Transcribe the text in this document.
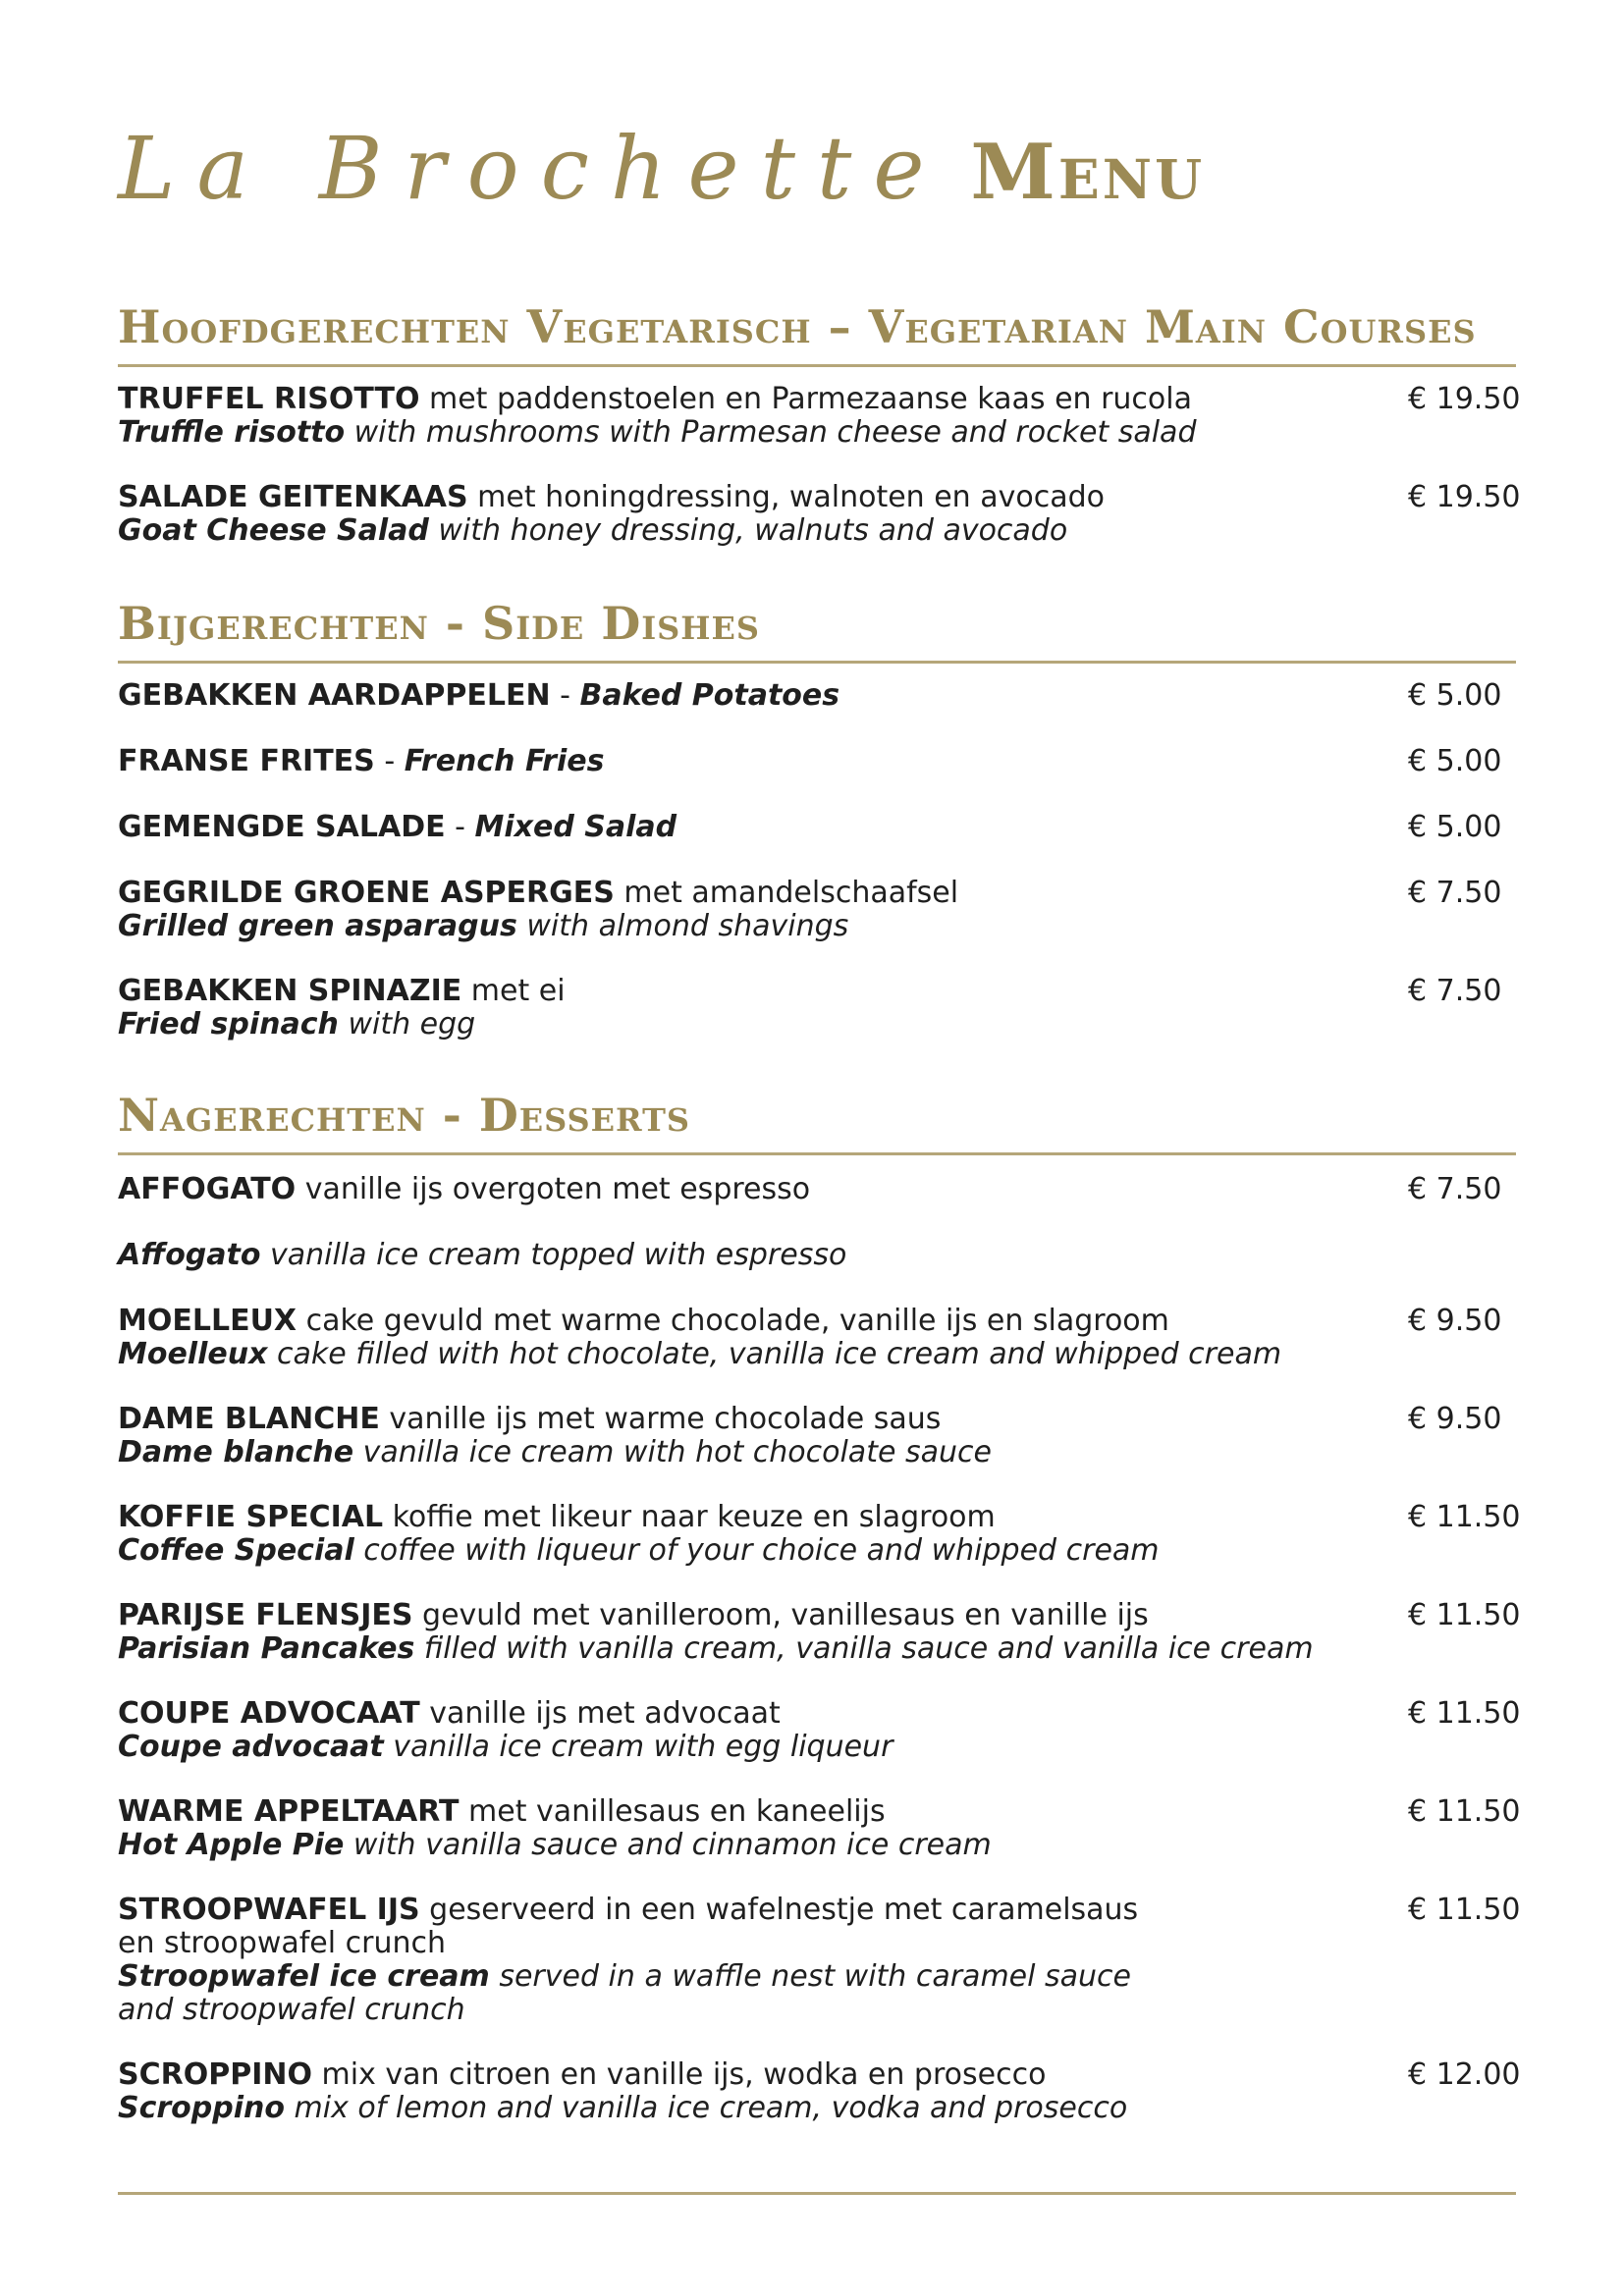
La Brochette Menu
Hoofdgerechten Vegetarisch – Vegetarian Main Courses
TRUFFEL RISOTTO met paddenstoelen en Parmezaanse kaas en rucola
Truffle risotto with mushrooms with Parmesan cheese and rocket salad
€ 19.50
SALADE GEITENKAAS met honingdressing, walnoten en avocado
Goat Cheese Salad with honey dressing, walnuts and avocado
€ 19.50
Bijgerechten - Side Dishes
GEBAKKEN AARDAPPELEN - Baked Potatoes	€ 5.00
FRANSE FRITES - French Fries	€ 5.00
GEMENGDE SALADE - Mixed Salad	€ 5.00
GEGRILDE GROENE ASPERGES met amandelschaafsel
Grilled green asparagus with almond shavings
€ 7.50
GEBAKKEN SPINAZIE met ei
Fried spinach with egg
€ 7.50
Nagerechten - Desserts
AFFOGATO vanille ijs overgoten met espresso	€ 7.50
Affogato vanilla ice cream topped with espresso
MOELLEUX cake gevuld met warme chocolade, vanille ijs en slagroom
Moelleux cake filled with hot chocolate, vanilla ice cream and whipped cream
€ 9.50
DAME BLANCHE vanille ijs met warme chocolade saus
Dame blanche vanilla ice cream with hot chocolate sauce
€ 9.50
KOFFIE SPECIAL koffie met likeur naar keuze en slagroom
Coffee Special coffee with liqueur of your choice and whipped cream
€ 11.50
PARIJSE FLENSJES gevuld met vanilleroom, vanillesaus en vanille ijs
Parisian Pancakes filled with vanilla cream, vanilla sauce and vanilla ice cream
€ 11.50
COUPE ADVOCAAT vanille ijs met advocaat
Coupe advocaat vanilla ice cream with egg liqueur
€ 11.50
WARME APPELTAART met vanillesaus en kaneelijs
Hot Apple Pie with vanilla sauce and cinnamon ice cream
€ 11.50
STROOPWAFEL IJS geserveerd in een wafelnestje met caramelsaus
en stroopwafel crunch
Stroopwafel ice cream served in a waffle nest with caramel sauce
and stroopwafel crunch
€ 11.50
SCROPPINO mix van citroen en vanille ijs, wodka en prosecco
Scroppino mix of lemon and vanilla ice cream, vodka and prosecco
€ 12.00
